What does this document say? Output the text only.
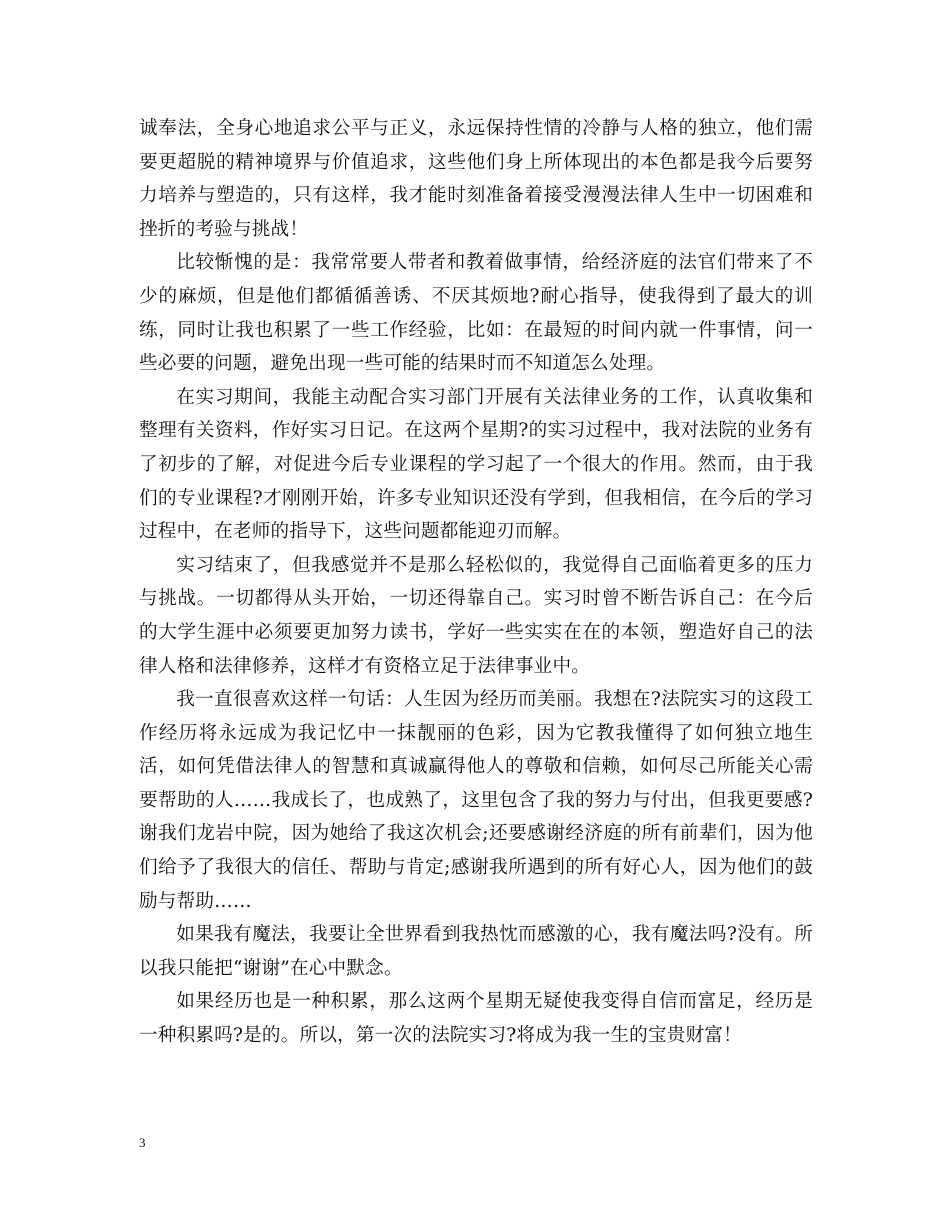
诚奉法，全身心地追求公平与正义，永远保持性情的冷静与人格的独立，他们需要更超脱的精神境界与价值追求，这些他们身上所体现出的本色都是我今后要努力培养与塑造的，只有这样，我才能时刻准备着接受漫漫法律人生中一切困难和挫折的考验与挑战！

比较惭愧的是：我常常要人带者和教着做事情，给经济庭的法官们带来了不少的麻烦，但是他们都循循善诱、不厌其烦地?耐心指导，使我得到了最大的训练，同时让我也积累了一些工作经验，比如：在最短的时间内就一件事情，问一些必要的问题，避免出现一些可能的结果时而不知道怎么处理。

在实习期间，我能主动配合实习部门开展有关法律业务的工作，认真收集和整理有关资料，作好实习日记。在这两个星期?的实习过程中，我对法院的业务有了初步的了解，对促进今后专业课程的学习起了一个很大的作用。然而，由于我们的专业课程?才刚刚开始，许多专业知识还没有学到，但我相信，在今后的学习过程中，在老师的指导下，这些问题都能迎刃而解。

实习结束了，但我感觉并不是那么轻松似的，我觉得自己面临着更多的压力与挑战。一切都得从头开始，一切还得靠自己。实习时曾不断告诉自己：在今后的大学生涯中必须要更加努力读书，学好一些实实在在的本领，塑造好自己的法律人格和法律修养，这样才有资格立足于法律事业中。

我一直很喜欢这样一句话：人生因为经历而美丽。我想在?法院实习的这段工作经历将永远成为我记忆中一抹靓丽的色彩，因为它教我懂得了如何独立地生活，如何凭借法律人的智慧和真诚赢得他人的尊敬和信赖，如何尽己所能关心需要帮助的人……我成长了，也成熟了，这里包含了我的努力与付出，但我更要感?谢我们龙岩中院，因为她给了我这次机会;还要感谢经济庭的所有前辈们，因为他们给予了我很大的信任、帮助与肯定;感谢我所遇到的所有好心人，因为他们的鼓励与帮助……

如果我有魔法，我要让全世界看到我热忱而感激的心，我有魔法吗?没有。所以我只能把“谢谢”在心中默念。

如果经历也是一种积累，那么这两个星期无疑使我变得自信而富足，经历是一种积累吗?是的。所以，第一次的法院实习?将成为我一生的宝贵财富！

3
